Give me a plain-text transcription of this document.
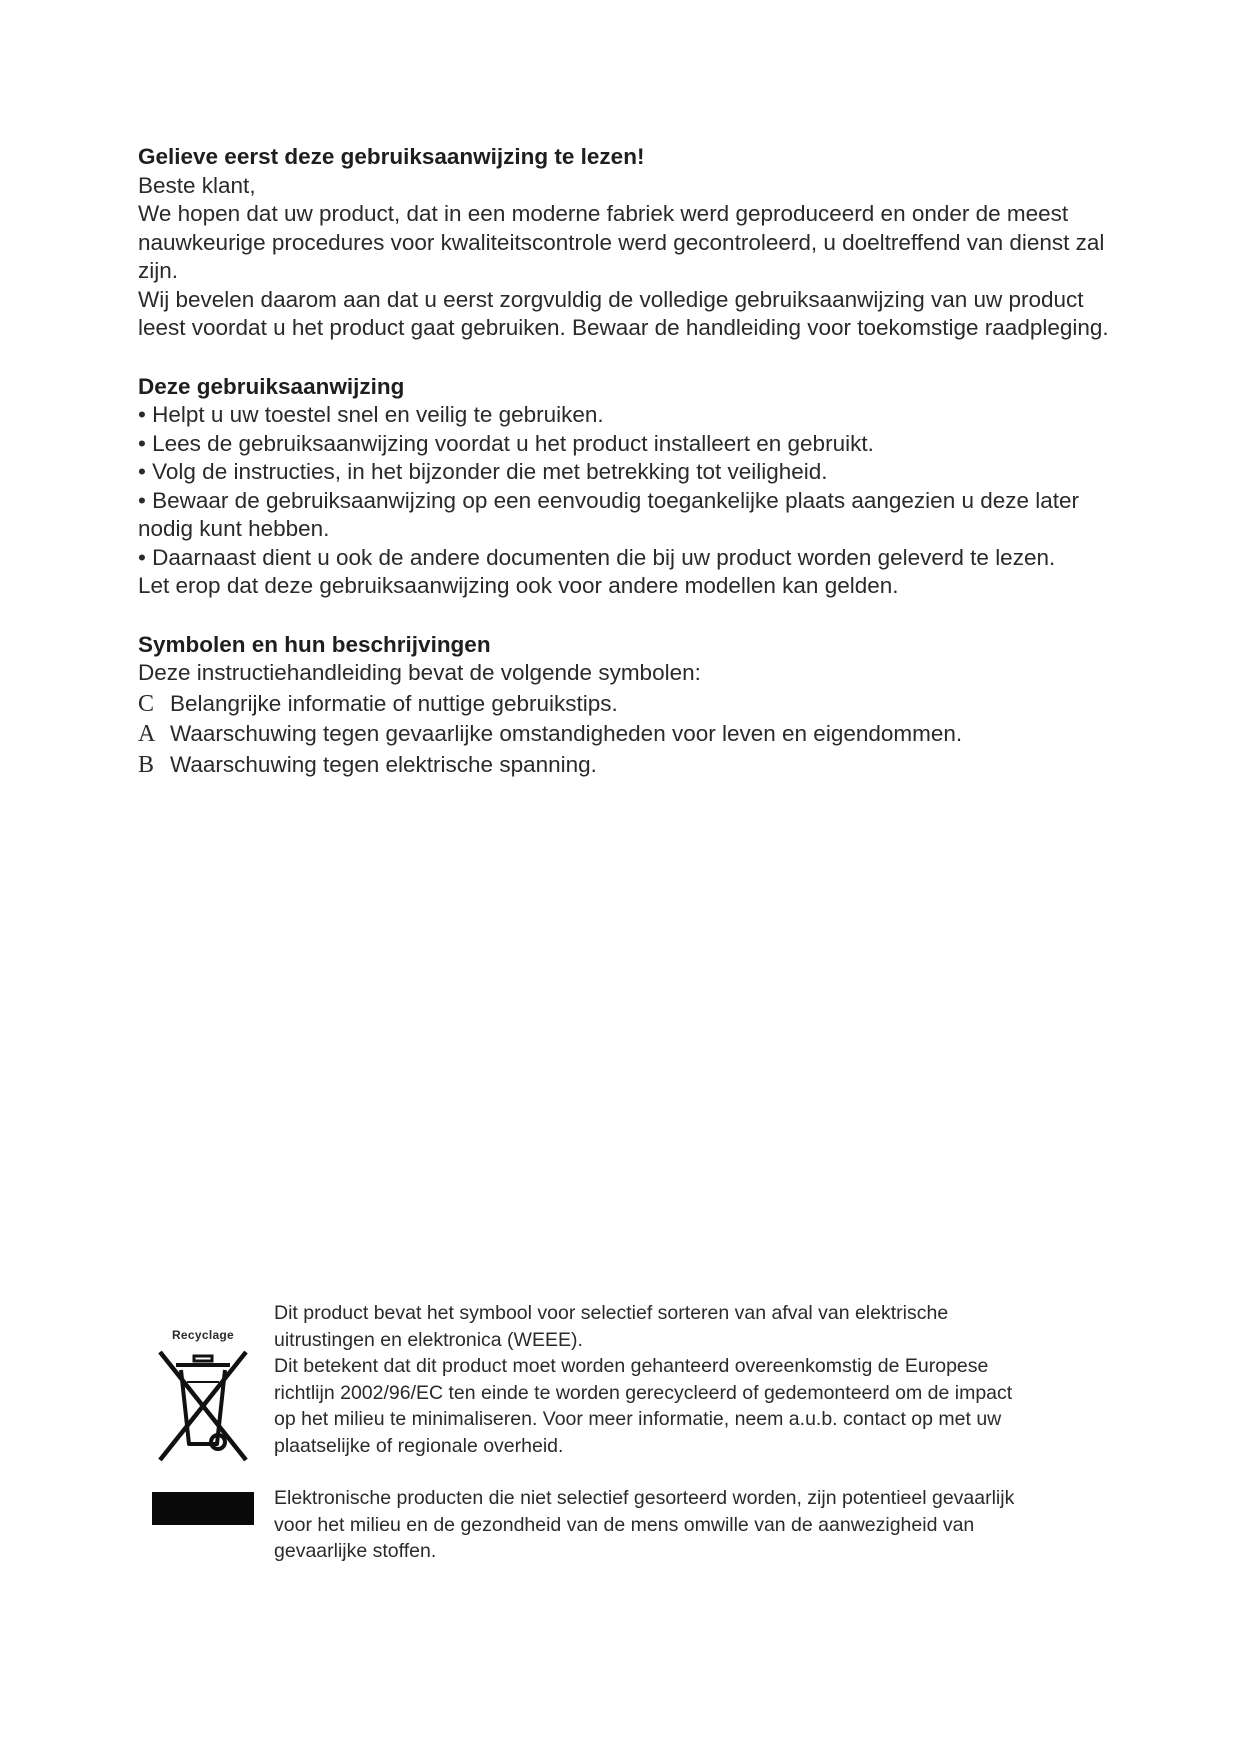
Gelieve eerst deze gebruiksaanwijzing te lezen!

Beste klant,

We hopen dat uw product, dat in een moderne fabriek werd geproduceerd en onder de meest nauwkeurige procedures voor kwaliteitscontrole werd gecontroleerd, u doeltreffend van dienst zal zijn.

Wij bevelen daarom aan dat u eerst zorgvuldig de volledige gebruiksaanwijzing van uw product leest voordat u het product gaat gebruiken. Bewaar de handleiding voor toekomstige raadpleging.

Deze gebruiksaanwijzing

• Helpt u uw toestel snel en veilig te gebruiken.

• Lees de gebruiksaanwijzing voordat u het product installeert en gebruikt.

• Volg de instructies, in het bijzonder die met betrekking tot veiligheid.

• Bewaar de gebruiksaanwijzing op een eenvoudig toegankelijke plaats aangezien u deze later nodig kunt hebben.

• Daarnaast dient u ook de andere documenten die bij uw product worden geleverd te lezen.

Let erop dat deze gebruiksaanwijzing ook voor andere modellen kan gelden.

Symbolen en hun beschrijvingen

Deze instructiehandleiding bevat de volgende symbolen:

C Belangrijke informatie of nuttige gebruikstips.

A Waarschuwing tegen gevaarlijke omstandigheden voor leven en eigendommen.

B Waarschuwing tegen elektrische spanning.

Recyclage

Dit product bevat het symbool voor selectief sorteren van afval van elektrische

uitrustingen en elektronica (WEEE).

Dit betekent dat dit product moet worden gehanteerd overeenkomstig de Europese

richtlijn 2002/96/EC ten einde te worden gerecycleerd of gedemonteerd om de impact

op het milieu te minimaliseren. Voor meer informatie, neem a.u.b. contact op met uw

plaatselijke of regionale overheid.

Elektronische producten die niet selectief gesorteerd worden, zijn potentieel gevaarlijk

voor het milieu en de gezondheid van de mens omwille van de aanwezigheid van

gevaarlijke stoffen.
